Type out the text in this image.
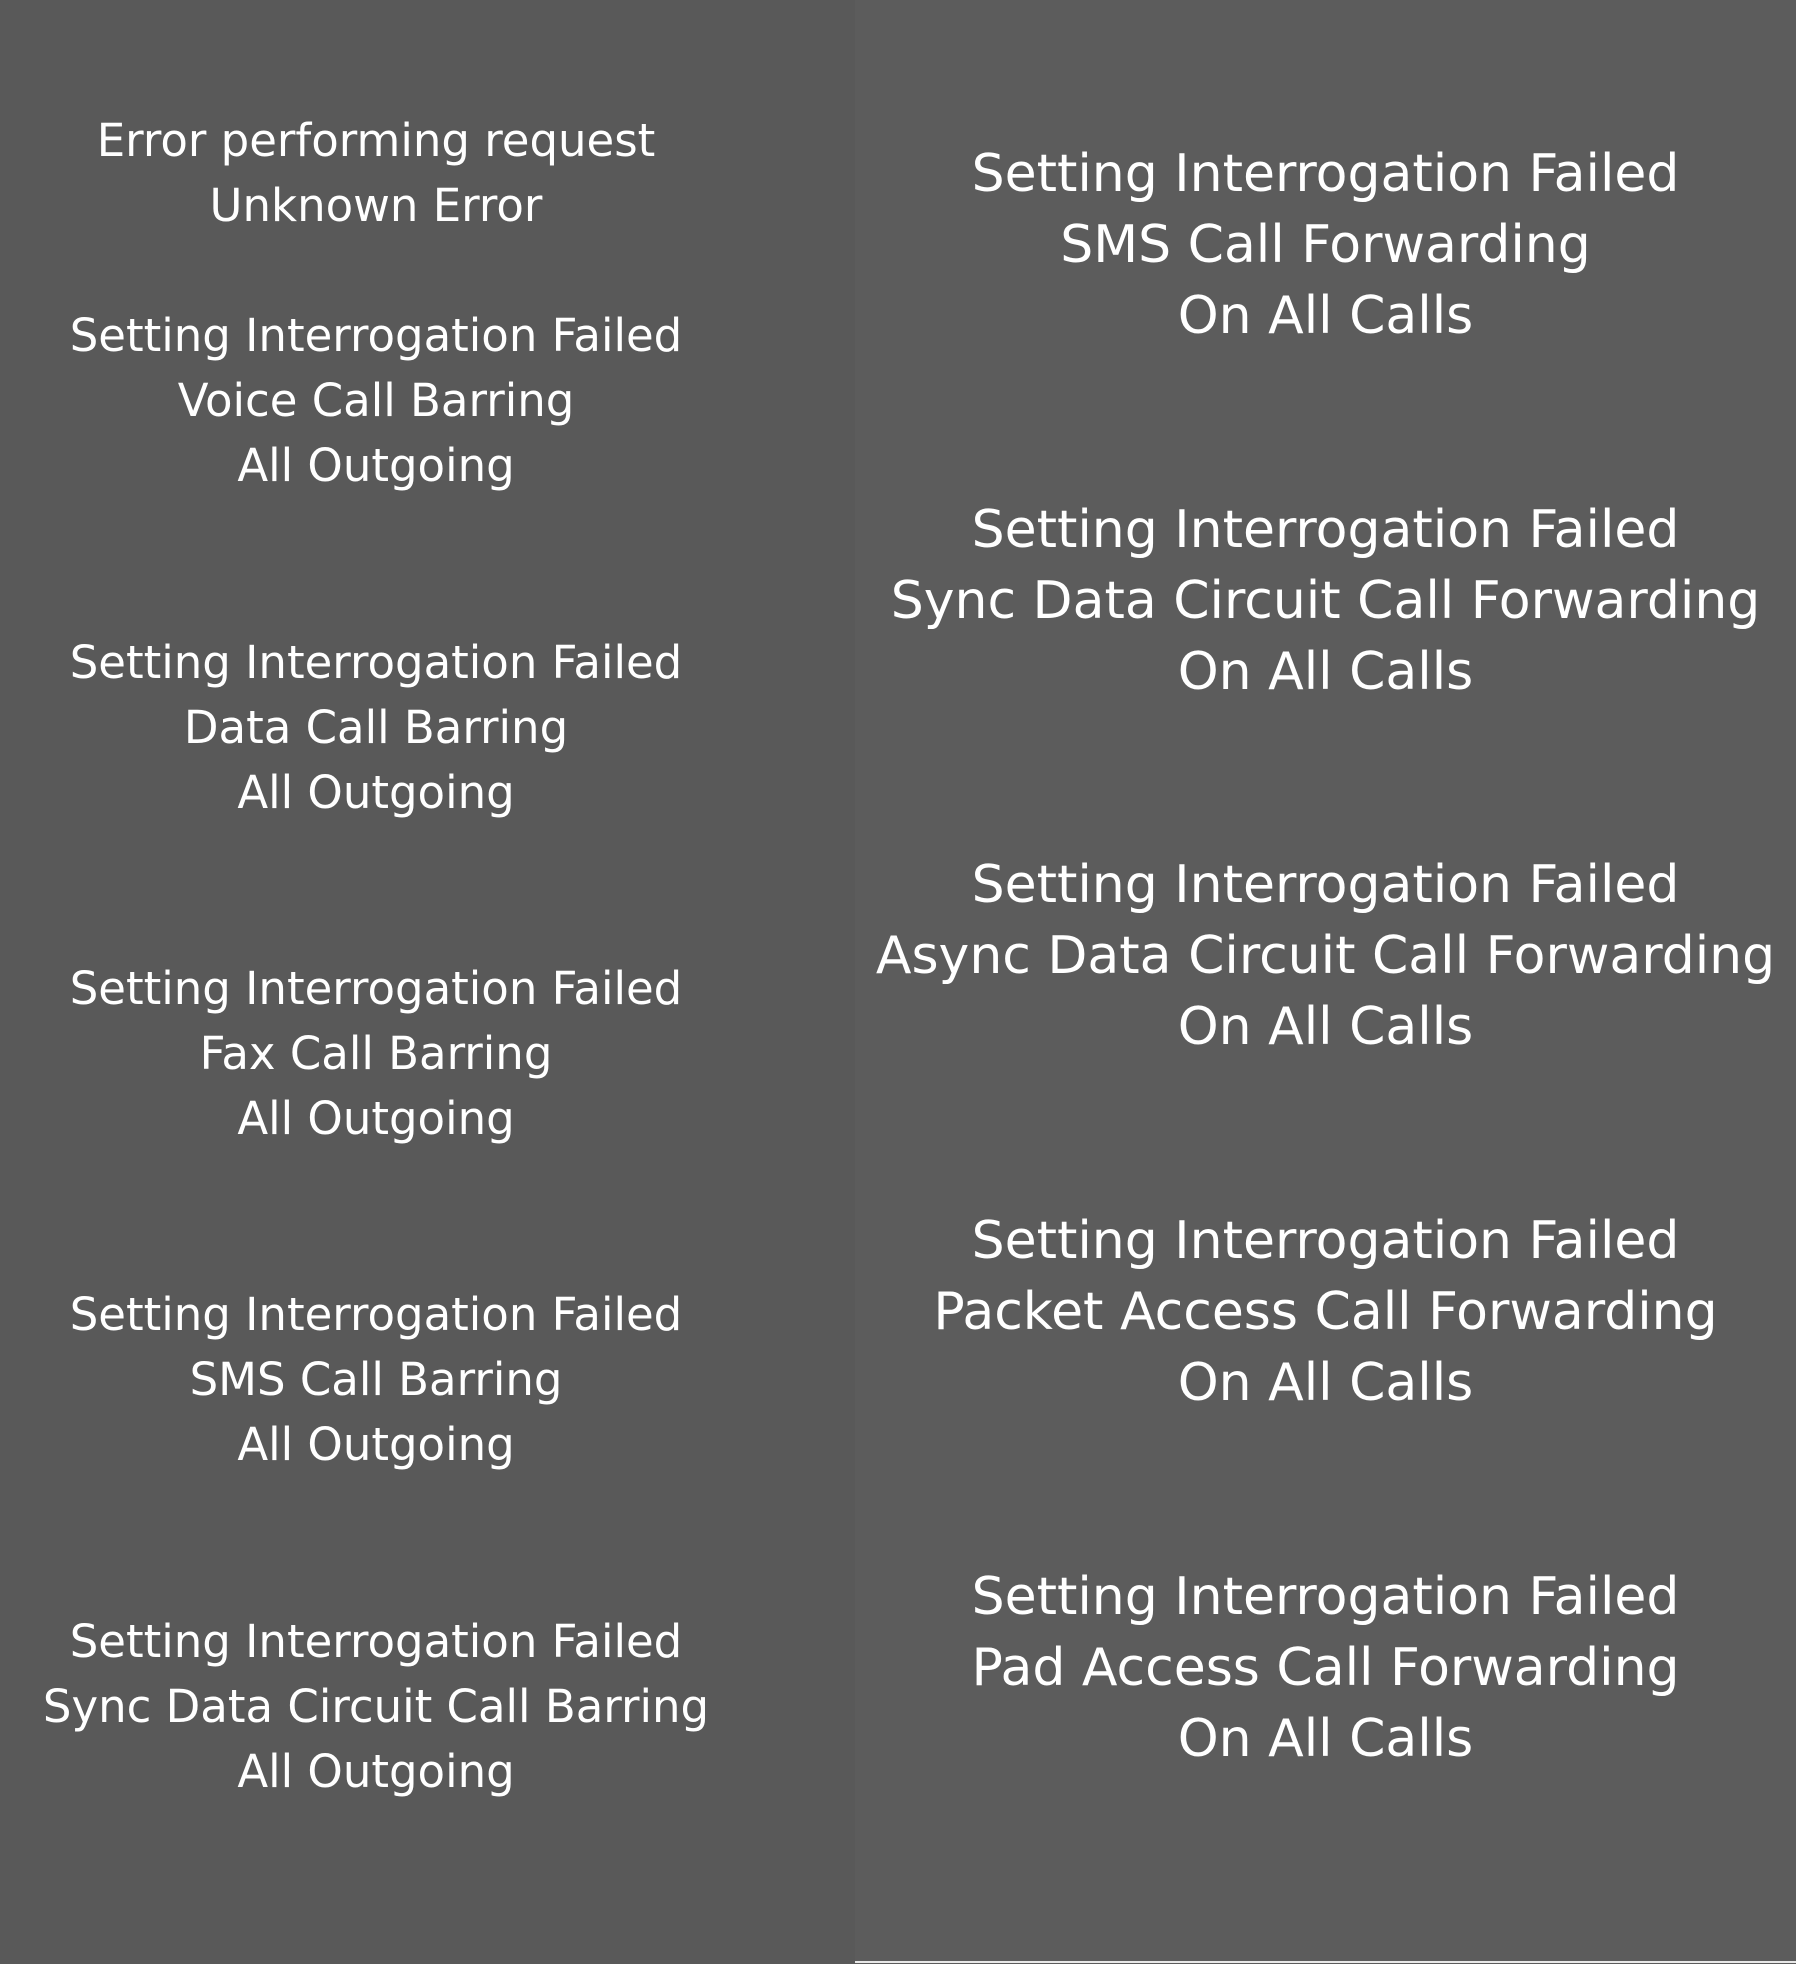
Error performing request
Unknown Error
Setting Interrogation Failed
Voice Call Barring
All Outgoing
Setting Interrogation Failed
Data Call Barring
All Outgoing
Setting Interrogation Failed
Fax Call Barring
All Outgoing
Setting Interrogation Failed
SMS Call Barring
All Outgoing
Setting Interrogation Failed
Sync Data Circuit Call Barring
All Outgoing
Setting Interrogation Failed
SMS Call Forwarding
On All Calls
Setting Interrogation Failed
Sync Data Circuit Call Forwarding
On All Calls
Setting Interrogation Failed
Async Data Circuit Call Forwarding
On All Calls
Setting Interrogation Failed
Packet Access Call Forwarding
On All Calls
Setting Interrogation Failed
Pad Access Call Forwarding
On All Calls
